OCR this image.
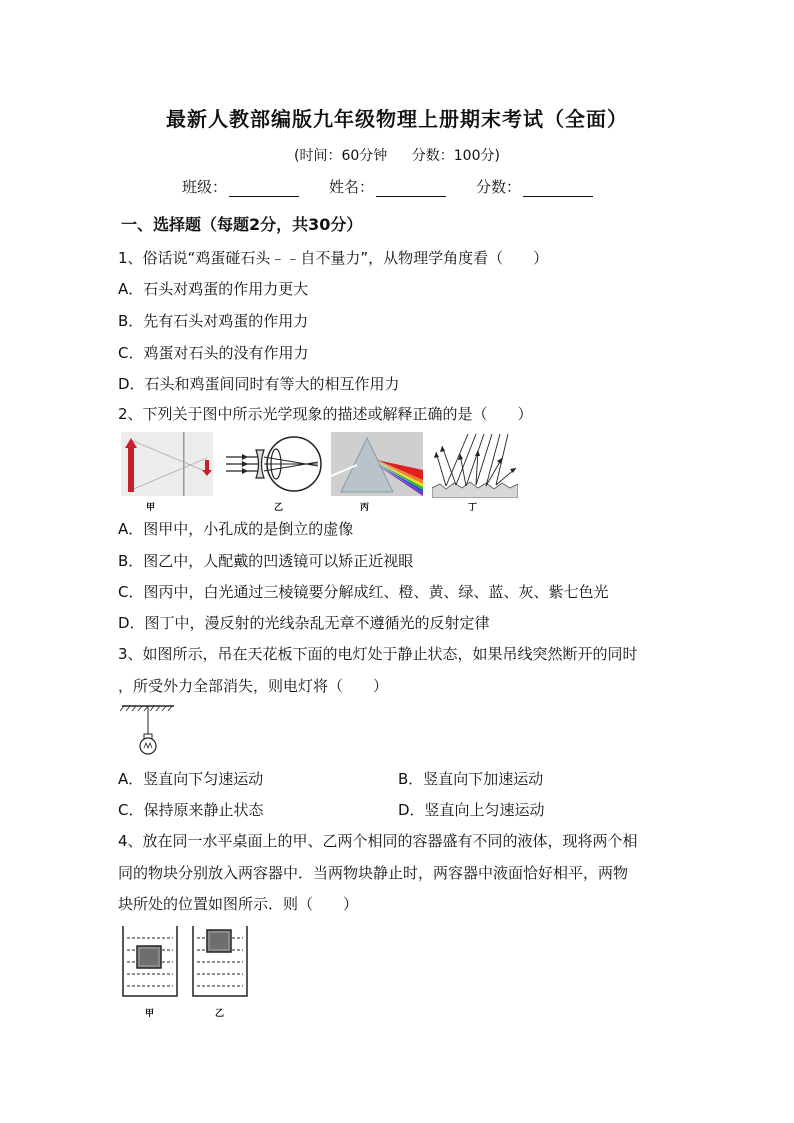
最新人教部编版九年级物理上册期末考试（全面）
(时间：60分钟 分数：100分)
班级：	姓名：	分数：
一、选择题（每题2分，共30分）
1、俗话说“鸡蛋碰石头﹣﹣自不量力”，从物理学角度看（　　）
A．石头对鸡蛋的作用力更大
B．先有石头对鸡蛋的作用力
C．鸡蛋对石头的没有作用力
D．石头和鸡蛋间同时有等大的相互作用力
2、下列关于图中所示光学现象的描述或解释正确的是（　　）
甲	乙	丙	丁
A．图甲中，小孔成的是倒立的虚像
B．图乙中，人配戴的凹透镜可以矫正近视眼
C．图丙中，白光通过三棱镜要分解成红、橙、黄、绿、蓝、灰、紫七色光
D．图丁中，漫反射的光线杂乱无章不遵循光的反射定律
3、如图所示，吊在天花板下面的电灯处于静止状态，如果吊线突然断开的同时
，所受外力全部消失，则电灯将（　　）
A．竖直向下匀速运动	B．竖直向下加速运动
C．保持原来静止状态	D．竖直向上匀速运动
4、放在同一水平桌面上的甲、乙两个相同的容器盛有不同的液体，现将两个相
同的物块分别放入两容器中．当两物块静止时，两容器中液面恰好相平，两物
块所处的位置如图所示．则（　　）
甲	乙
